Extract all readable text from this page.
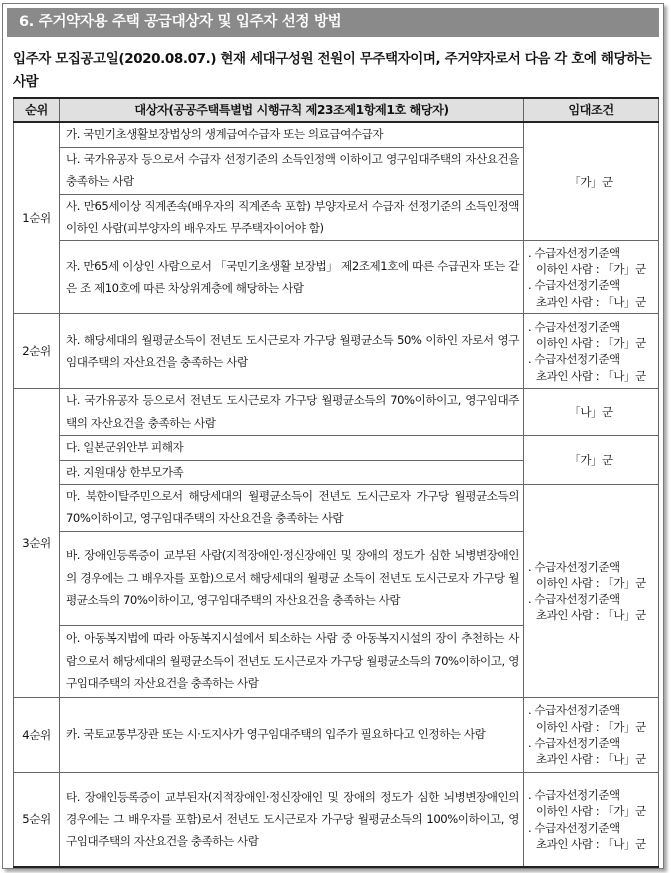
6. 주거약자용 주택 공급대상자 및 입주자 선정 방법
입주자 모집공고일(2020.08.07.) 현재 세대구성원 전원이 무주택자이며, 주거약자로서 다음 각 호에 해당하는 사람
순위	대상자(공공주택특별법 시행규칙 제23조제1항제1호 해당자)	임대조건
1순위	가. 국민기초생활보장법상의 생계급여수급자 또는 의료급여수급자	「가」군
	나. 국가유공자 등으로서 수급자 선정기준의 소득인정액 이하이고 영구임대주택의 자산요건을 충족하는 사람	
	사. 만65세이상 직계존속(배우자의 직계존속 포함) 부양자로서 수급자 선정기준의 소득인정액 이하인 사람(피부양자의 배우자도 무주택자이어야 함)	
	자. 만65세 이상인 사람으로서 「국민기초생활 보장법」 제2조제1호에 따른 수급권자 또는 같은 조 제10호에 따른 차상위계층에 해당하는 사람	. 수급자선정기준액
이하인 사람 : 「가」군
. 수급자선정기준액
초과인 사람 : 「나」군

2순위	차. 해당세대의 월평균소득이 전년도 도시근로자 가구당 월평균소득 50% 이하인 자로서 영구임대주택의 자산요건을 충족하는 사람	. 수급자선정기준액
이하인 사람 : 「가」군
. 수급자선정기준액
초과인 사람 : 「나」군

3순위	나. 국가유공자 등으로서 전년도 도시근로자 가구당 월평균소득의 70%이하이고, 영구임대주택의 자산요건을 충족하는 사람	「나」군
	다. 일본군위안부 피해자	「가」군
	라. 지원대상 한부모가족	
	마. 북한이탈주민으로서 해당세대의 월평균소득이 전년도 도시근로자 가구당 월평균소득의 70%이하이고, 영구임대주택의 자산요건을 충족하는 사람	. 수급자선정기준액
이하인 사람 : 「가」군
. 수급자선정기준액
초과인 사람 : 「나」군

	바. 장애인등록증이 교부된 사람(지적장애인·정신장애인 및 장애의 정도가 심한 뇌병변장애인의 경우에는 그 배우자를 포함)으로서 해당세대의 월평균 소득이 전년도 도시근로자 가구당 월평균소득의 70%이하이고, 영구임대주택의 자산요건을 충족하는 사람	
	아. 아동복지법에 따라 아동복지시설에서 퇴소하는 사람 중 아동복지시설의 장이 추천하는 사람으로서 해당세대의 월평균소득이 전년도 도시근로자 가구당 월평균소득의 70%이하이고, 영구임대주택의 자산요건을 충족하는 사람	
4순위	카. 국토교통부장관 또는 시·도지사가 영구임대주택의 입주가 필요하다고 인정하는 사람	. 수급자선정기준액
이하인 사람 : 「가」군
. 수급자선정기준액
초과인 사람 : 「나」군

5순위	타. 장애인등록증이 교부된자(지적장애인·정신장애인 및 장애의 정도가 심한 뇌병변장애인의 경우에는 그 배우자를 포함)로서 전년도 도시근로자 가구당 월평균소득의 100%이하이고, 영구임대주택의 자산요건을 충족하는 사람	. 수급자선정기준액
이하인 사람 : 「가」군
. 수급자선정기준액
초과인 사람 : 「나」군
